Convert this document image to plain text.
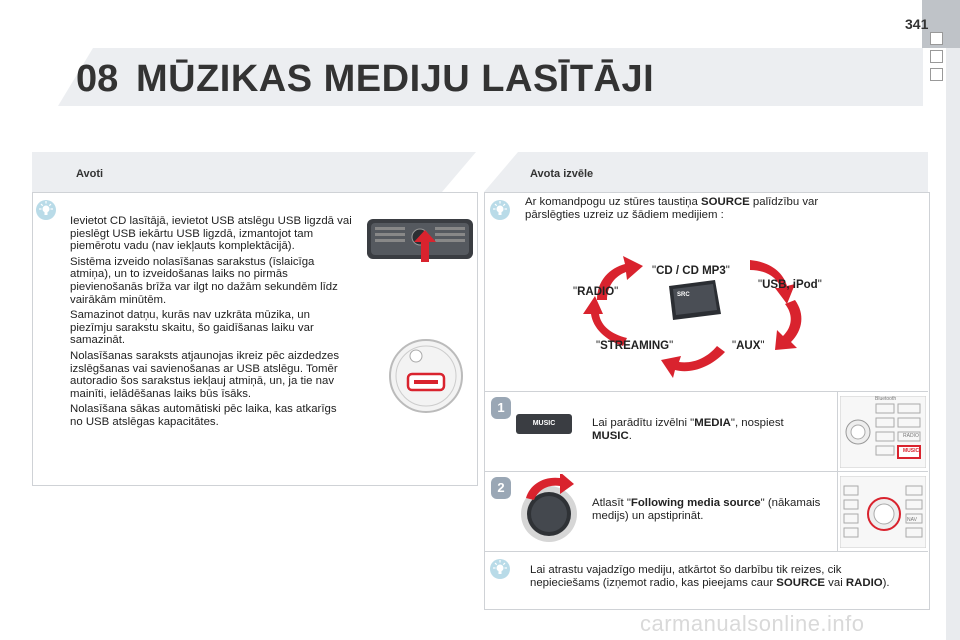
341
08 MŪZIKAS MEDIJU LASĪTĀJI
Avoti

Ievietot CD lasītājā, ievietot USB atslēgu USB ligzdā vai pieslēgt USB iekārtu USB ligzdā, izmantojot tam piemērotu vadu (nav iekļauts komplektācijā).

Sistēma izveido nolasīšanas sarakstus (īslaicīga atmiņa), un to izveidošanas laiks no pirmās pievienošanās brīža var ilgt no dažām sekundēm līdz vairākām minūtēm.

Samazinot datņu, kurās nav uzkrāta mūzika, un piezīmju sarakstu skaitu, šo gaidīšanas laiku var samazināt.

Nolasīšanas saraksts atjaunojas ikreiz pēc aizdedzes izslēgšanas vai savienošanas ar USB atslēgu. Tomēr autoradio šos sarakstus iekļauj atmiņā, un, ja tie nav mainīti, ielādēšanas laiks būs īsāks.

Nolasīšana sākas automātiski pēc laika, kas atkarīgs no USB atslēgas kapacitātes.

Avota izvēle
Ar komandpogu uz stūres taustiņa SOURCE palīdzību var pārslēgties uzreiz uz šādiem medijiem :
SRC
"CD / CD MP3"
"USB, iPod"
"AUX"
"STREAMING"
"RADIO"
1
MUSIC	Lai parādītu izvēlni "MEDIA", nospiest MUSIC.
Bluetooth
RADIO
MUSIC
2
Atlasīt "Following media source" (nākamais medijs) un apstiprināt.	NAV
Lai atrastu vajadzīgo mediju, atkārtot šo darbību tik reizes, cik nepieciešams (izņemot radio, kas pieejams caur SOURCE vai RADIO).
carmanualsonline.info
